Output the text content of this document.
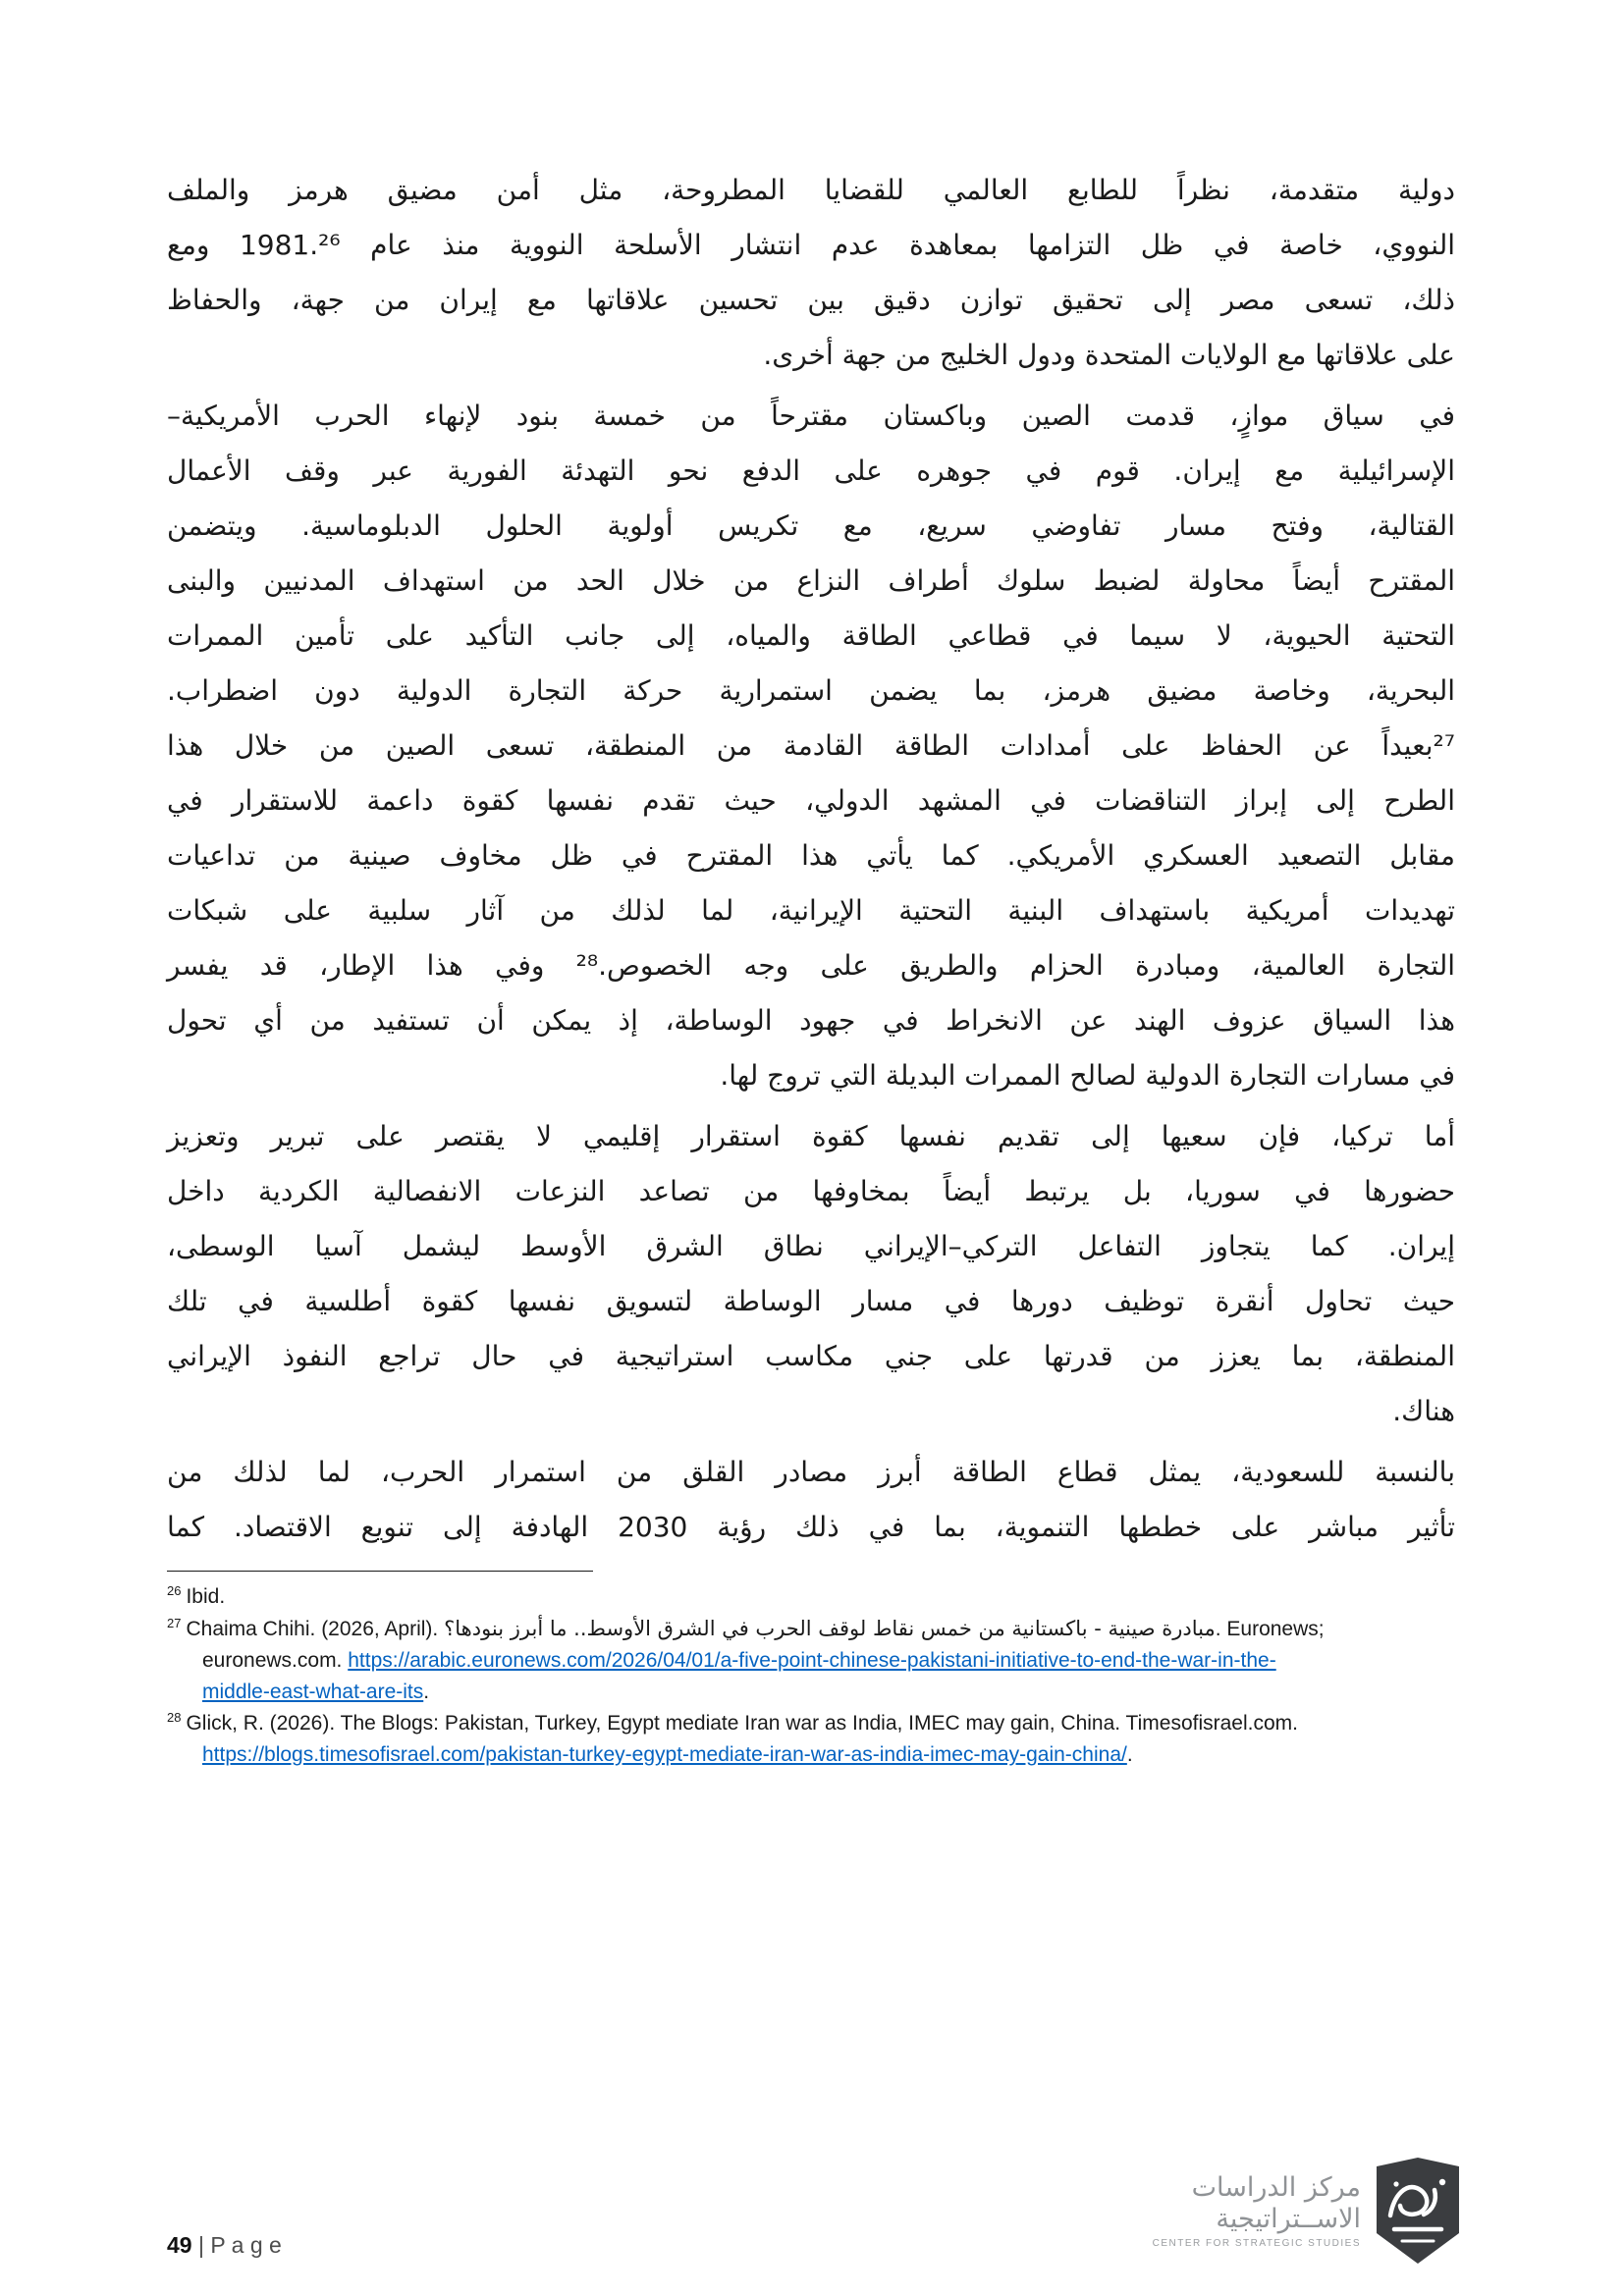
دولية متقدمة، نظراً للطابع العالمي للقضايا المطروحة، مثل أمن مضيق هرمز والملف
النووي، خاصة في ظل التزامها بمعاهدة عدم انتشار الأسلحة النووية منذ عام 1981.²⁶ ومع
ذلك، تسعى مصر إلى تحقيق توازن دقيق بين تحسين علاقاتها مع إيران من جهة، والحفاظ
على علاقاتها مع الولايات المتحدة ودول الخليج من جهة أخرى.
في سياق موازٍ، قدمت الصين وباكستان مقترحاً من خمسة بنود لإنهاء الحرب الأمريكية–
الإسرائيلية مع إيران. قوم في جوهره على الدفع نحو التهدئة الفورية عبر وقف الأعمال
القتالية، وفتح مسار تفاوضي سريع، مع تكريس أولوية الحلول الدبلوماسية. ويتضمن
المقترح أيضاً محاولة لضبط سلوك أطراف النزاع من خلال الحد من استهداف المدنيين والبنى
التحتية الحيوية، لا سيما في قطاعي الطاقة والمياه، إلى جانب التأكيد على تأمين الممرات
البحرية، وخاصة مضيق هرمز، بما يضمن استمرارية حركة التجارة الدولية دون اضطراب.
²⁷بعيداً عن الحفاظ على أمدادات الطاقة القادمة من المنطقة، تسعى الصين من خلال هذا
الطرح إلى إبراز التناقضات في المشهد الدولي، حيث تقدم نفسها كقوة داعمة للاستقرار في
مقابل التصعيد العسكري الأمريكي. كما يأتي هذا المقترح في ظل مخاوف صينية من تداعيات
تهديدات أمريكية باستهداف البنية التحتية الإيرانية، لما لذلك من آثار سلبية على شبكات
التجارة العالمية، ومبادرة الحزام والطريق على وجه الخصوص.²⁸ وفي هذا الإطار، قد يفسر
هذا السياق عزوف الهند عن الانخراط في جهود الوساطة، إذ يمكن أن تستفيد من أي تحول
في مسارات التجارة الدولية لصالح الممرات البديلة التي تروج لها.
أما تركيا، فإن سعيها إلى تقديم نفسها كقوة استقرار إقليمي لا يقتصر على تبرير وتعزيز
حضورها في سوريا، بل يرتبط أيضاً بمخاوفها من تصاعد النزعات الانفصالية الكردية داخل
إيران. كما يتجاوز التفاعل التركي–الإيراني نطاق الشرق الأوسط ليشمل آسيا الوسطى،
حيث تحاول أنقرة توظيف دورها في مسار الوساطة لتسويق نفسها كقوة أطلسية في تلك
المنطقة، بما يعزز من قدرتها على جني مكاسب استراتيجية في حال تراجع النفوذ الإيراني
هناك.
بالنسبة للسعودية، يمثل قطاع الطاقة أبرز مصادر القلق من استمرار الحرب، لما لذلك من
تأثير مباشر على خططها التنموية، بما في ذلك رؤية 2030 الهادفة إلى تنويع الاقتصاد. كما
$^{26}$ Ibid.
$^{27}$ Chaima Chihi. (2026, April). مبادرة صينية - باكستانية من خمس نقاط لوقف الحرب في الشرق الأوسط.. ما أبرز بنودها؟. Euronews; euronews.com. https://arabic.euronews.com/2026/04/01/a-five-point-chinese-pakistani-initiative-to-end-the-war-in-the-middle-east-what-are-its.
$^{28}$ Glick, R. (2026). The Blogs: Pakistan, Turkey, Egypt mediate Iran war as India, IMEC may gain, China. Timesofisrael.com. https://blogs.timesofisrael.com/pakistan-turkey-egypt-mediate-iran-war-as-india-imec-may-gain-china/.
49 | P a g e
مركز الدراسات
الاســتراتيجية
CENTER FOR STRATEGIC STUDIES
